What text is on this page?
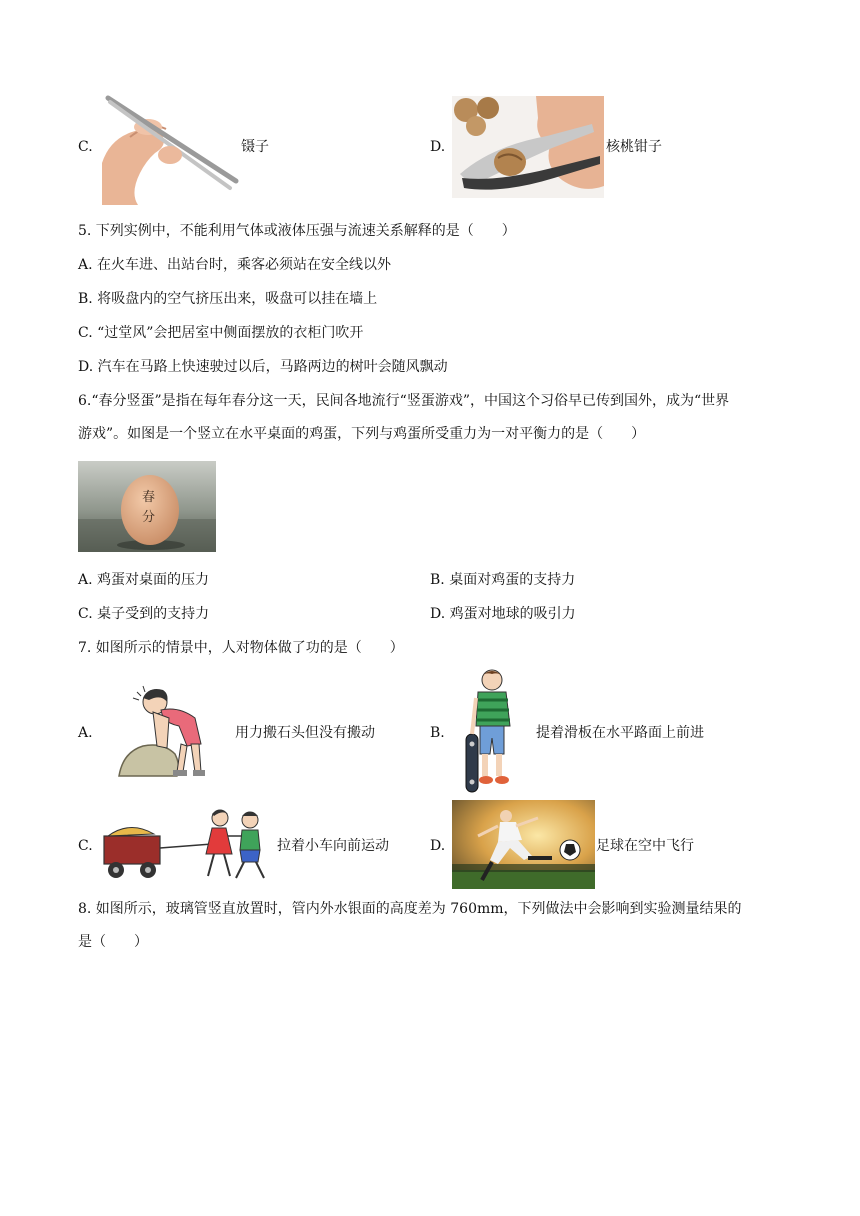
C.	镊子	D.	核桃钳子
5. 下列实例中，不能利用气体或液体压强与流速关系解释的是（　　）
A. 在火车进、出站台时，乘客必须站在安全线以外
B. 将吸盘内的空气挤压出来，吸盘可以挂在墙上
C. “过堂风”会把居室中侧面摆放的衣柜门吹开
D. 汽车在马路上快速驶过以后，马路两边的树叶会随风飘动
6.“春分竖蛋”是指在每年春分这一天，民间各地流行“竖蛋游戏”，中国这个习俗早已传到国外，成为“世界
游戏”。如图是一个竖立在水平桌面的鸡蛋，下列与鸡蛋所受重力为一对平衡力的是（　　）
春
分
A. 鸡蛋对桌面的压力	B. 桌面对鸡蛋的支持力
C. 桌子受到的支持力	D. 鸡蛋对地球的吸引力
7. 如图所示的情景中，人对物体做了功的是（　　）
A.	用力搬石头但没有搬动	B.	提着滑板在水平路面上前进
C.	拉着小车向前运动	D.	足球在空中飞行
8. 如图所示，玻璃管竖直放置时，管内外水银面的高度差为 760mm，下列做法中会影响到实验测量结果的
是（　　）
